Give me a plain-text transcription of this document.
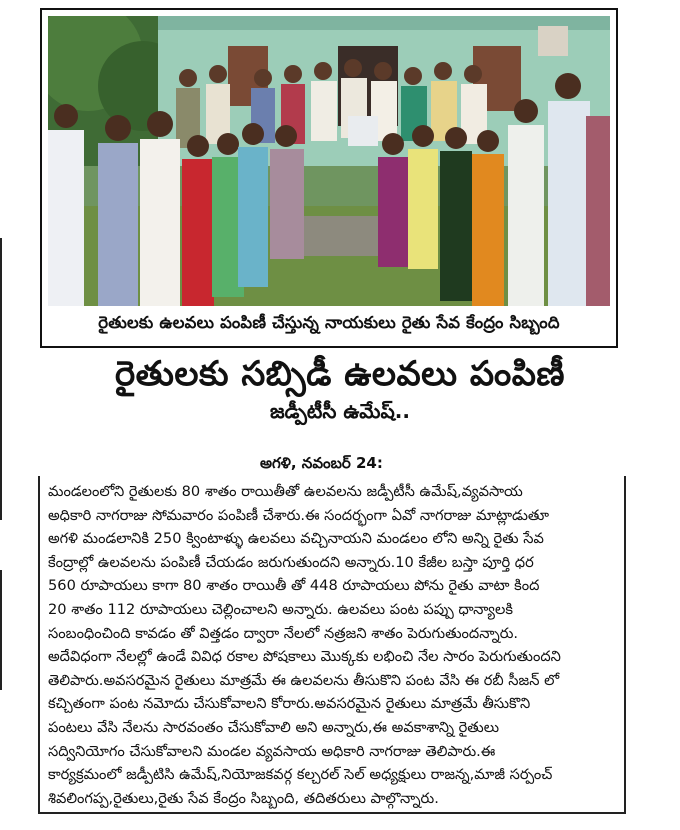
రైతులకు ఉలవలు పంపిణీ చేస్తున్న నాయకులు రైతు సేవ కేంద్రం సిబ్బంది
రైతులకు సబ్సిడీ ఉలవలు పంపిణీ
జడ్పీటీసీ ఉమేష్..
అగళి, నవంబర్ 24:
మండలంలోని రైతులకు 80 శాతం రాయితీతో ఉలవలను జడ్పీటీసీ ఉమేష్,వ్యవసాయ
అధికారి నాగరాజు సోమవారం పంపిణీ చేశారు.ఈ సందర్భంగా ఏవో నాగరాజు మాట్లాడుతూ
అగళి మండలానికి 250 క్వింటాళ్ళు ఉలవలు వచ్చినాయని మండలం లోని అన్ని రైతు సేవ
కేంద్రాల్లో ఉలవలను పంపిణీ చేయడం జరుగుతుందని అన్నారు.10 కేజీల బస్తా పూర్తి ధర
560 రూపాయలు కాగా 80 శాతం రాయితీ తో 448 రూపాయలు పోను రైతు వాటా కింద
20 శాతం 112 రూపాయలు చెల్లించాలని అన్నారు. ఉలవలు పంట పప్పు ధాన్యాలకి
సంబంధించింది కావడం తో విత్తడం ద్వారా నేలలో నత్రజని శాతం పెరుగుతుందన్నారు.
అదేవిధంగా నేలల్లో ఉండే వివిధ రకాల పోషకాలు మొక్కకు లభించి నేల సారం పెరుగుతుందని
తెలిపారు.అవసరమైన రైతులు మాత్రమే ఈ ఉలవలను తీసుకొని పంట వేసి ఈ రబీ సీజన్ లో
కచ్చితంగా పంట నమోదు చేసుకోవాలని కోరారు.అవసరమైన రైతులు మాత్రమే తీసుకొని
పంటలు వేసి నేలను సారవంతం చేసుకోవాలి అని అన్నారు,ఈ అవకాశాన్ని రైతులు
సద్వినియోగం చేసుకోవాలని మండల వ్యవసాయ అధికారి నాగరాజు తెలిపారు.ఈ
కార్యక్రమంలో జడ్పీటిసి ఉమేష్,నియోజకవర్గ కల్చరల్ సెల్ అధ్యక్షులు రాజన్న,మాజీ సర్పంచ్
శివలింగప్ప,రైతులు,రైతు సేవ కేంద్రం సిబ్బంది, తదితరులు పాల్గొన్నారు.
